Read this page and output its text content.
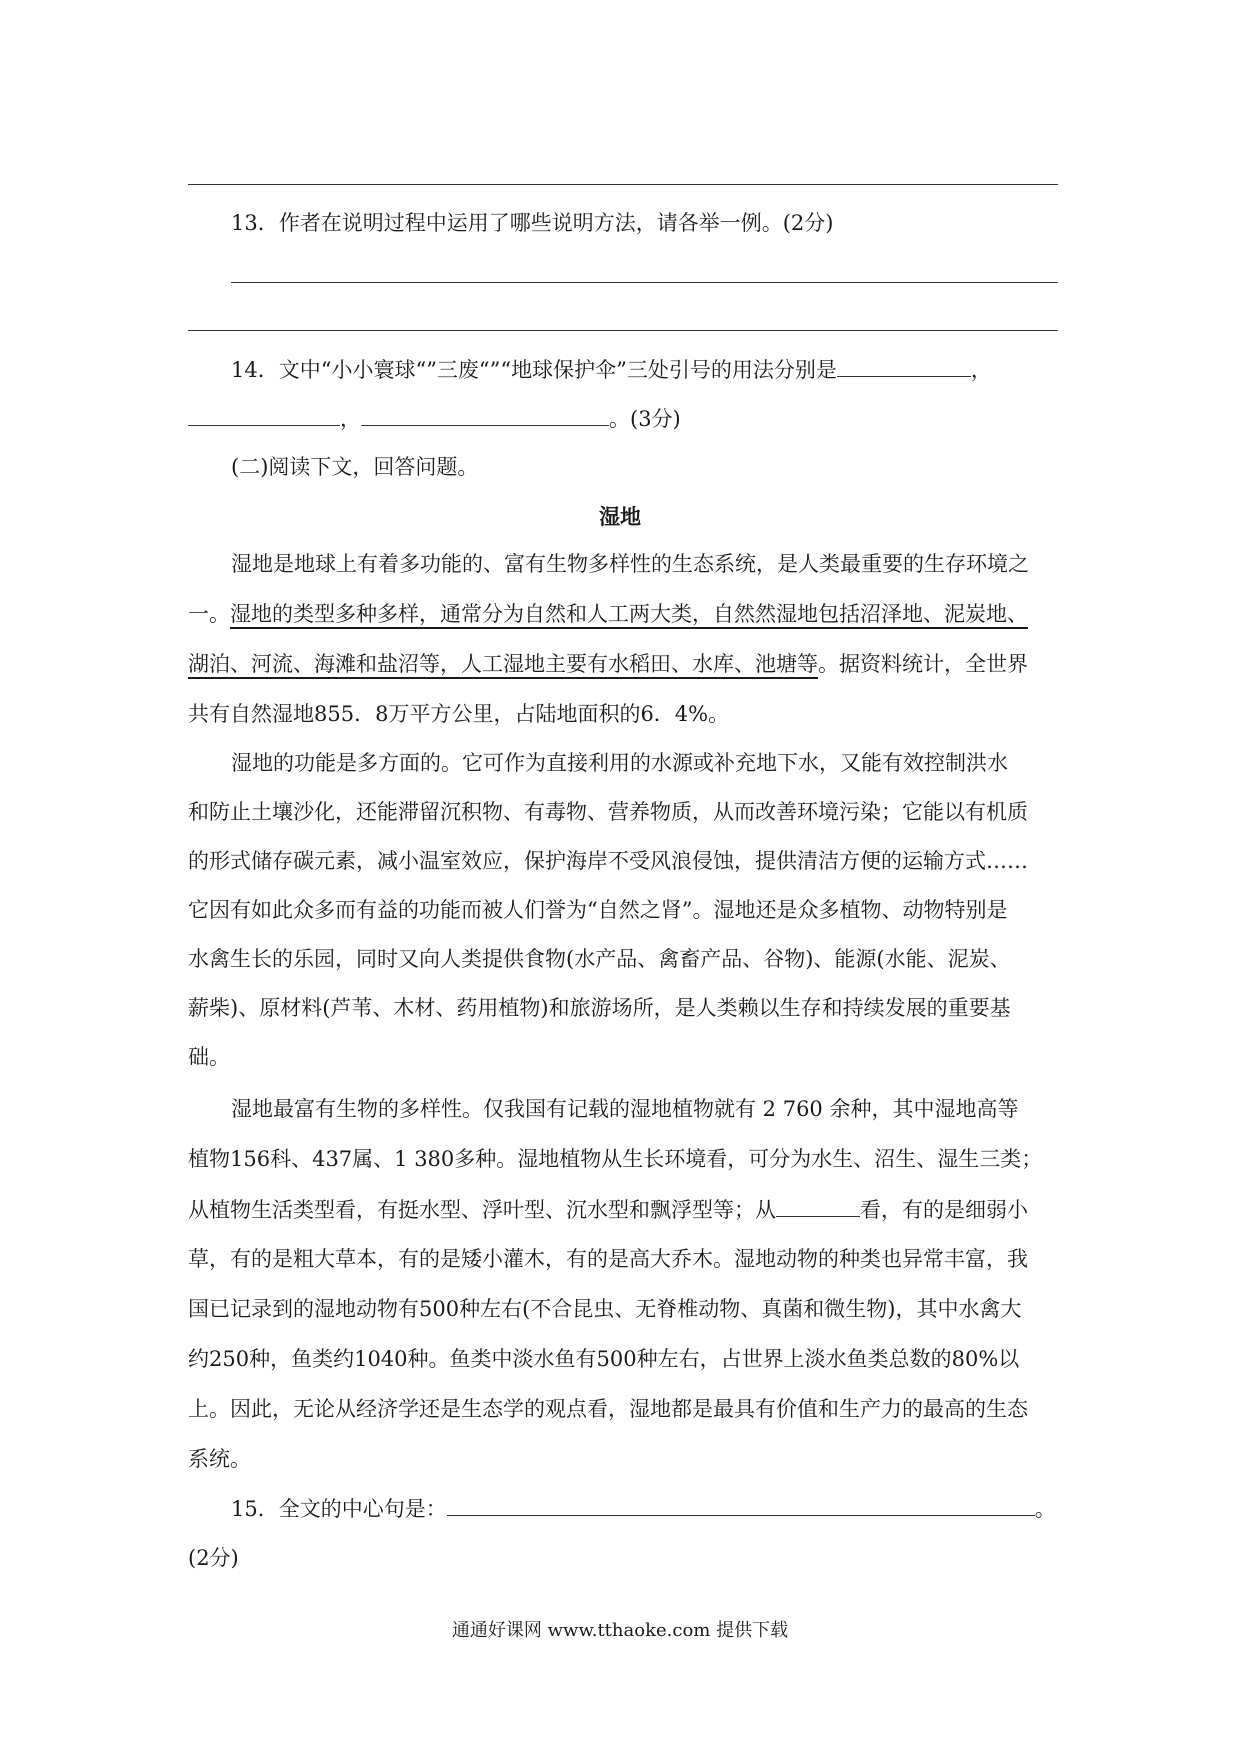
13．作者在说明过程中运用了哪些说明方法，请各举一例。(2分)
14．文中“小小寰球“”三废“”“地球保护伞”三处引号的用法分别是	，
，	。(3分)
(二)阅读下文，回答问题。
湿地
湿地是地球上有着多功能的、富有生物多样性的生态系统，是人类最重要的生存环境之
一。湿地的类型多种多样，通常分为自然和人工两大类，自然然湿地包括沼泽地、泥炭地、
湖泊、河流、海滩和盐沼等，人工湿地主要有水稻田、水库、池塘等。据资料统计，全世界
共有自然湿地855．8万平方公里，占陆地面积的6．4%。
湿地的功能是多方面的。它可作为直接利用的水源或补充地下水，又能有效控制洪水
和防止土壤沙化，还能滞留沉积物、有毒物、营养物质，从而改善环境污染；它能以有机质
的形式储存碳元素，减小温室效应，保护海岸不受风浪侵蚀，提供清洁方便的运输方式……
它因有如此众多而有益的功能而被人们誉为“自然之肾”。湿地还是众多植物、动物特别是
水禽生长的乐园，同时又向人类提供食物(水产品、禽畜产品、谷物)、能源(水能、泥炭、
薪柴)、原材料(芦苇、木材、药用植物)和旅游场所，是人类赖以生存和持续发展的重要基
础。
湿地最富有生物的多样性。仅我国有记载的湿地植物就有 2 760 余种，其中湿地高等
植物156科、437属、1 380多种。湿地植物从生长环境看，可分为水生、沼生、湿生三类；
从植物生活类型看，有挺水型、浮叶型、沉水型和飘浮型等；从	看，有的是细弱小
草，有的是粗大草本，有的是矮小灌木，有的是高大乔木。湿地动物的种类也异常丰富，我
国已记录到的湿地动物有500种左右(不合昆虫、无脊椎动物、真菌和微生物)，其中水禽大
约250种，鱼类约1040种。鱼类中淡水鱼有500种左右，占世界上淡水鱼类总数的80%以
上。因此，无论从经济学还是生态学的观点看，湿地都是最具有价值和生产力的最高的生态
系统。
15．全文的中心句是：	。
(2分)
通通好课网 www.tthaoke.com 提供下载
